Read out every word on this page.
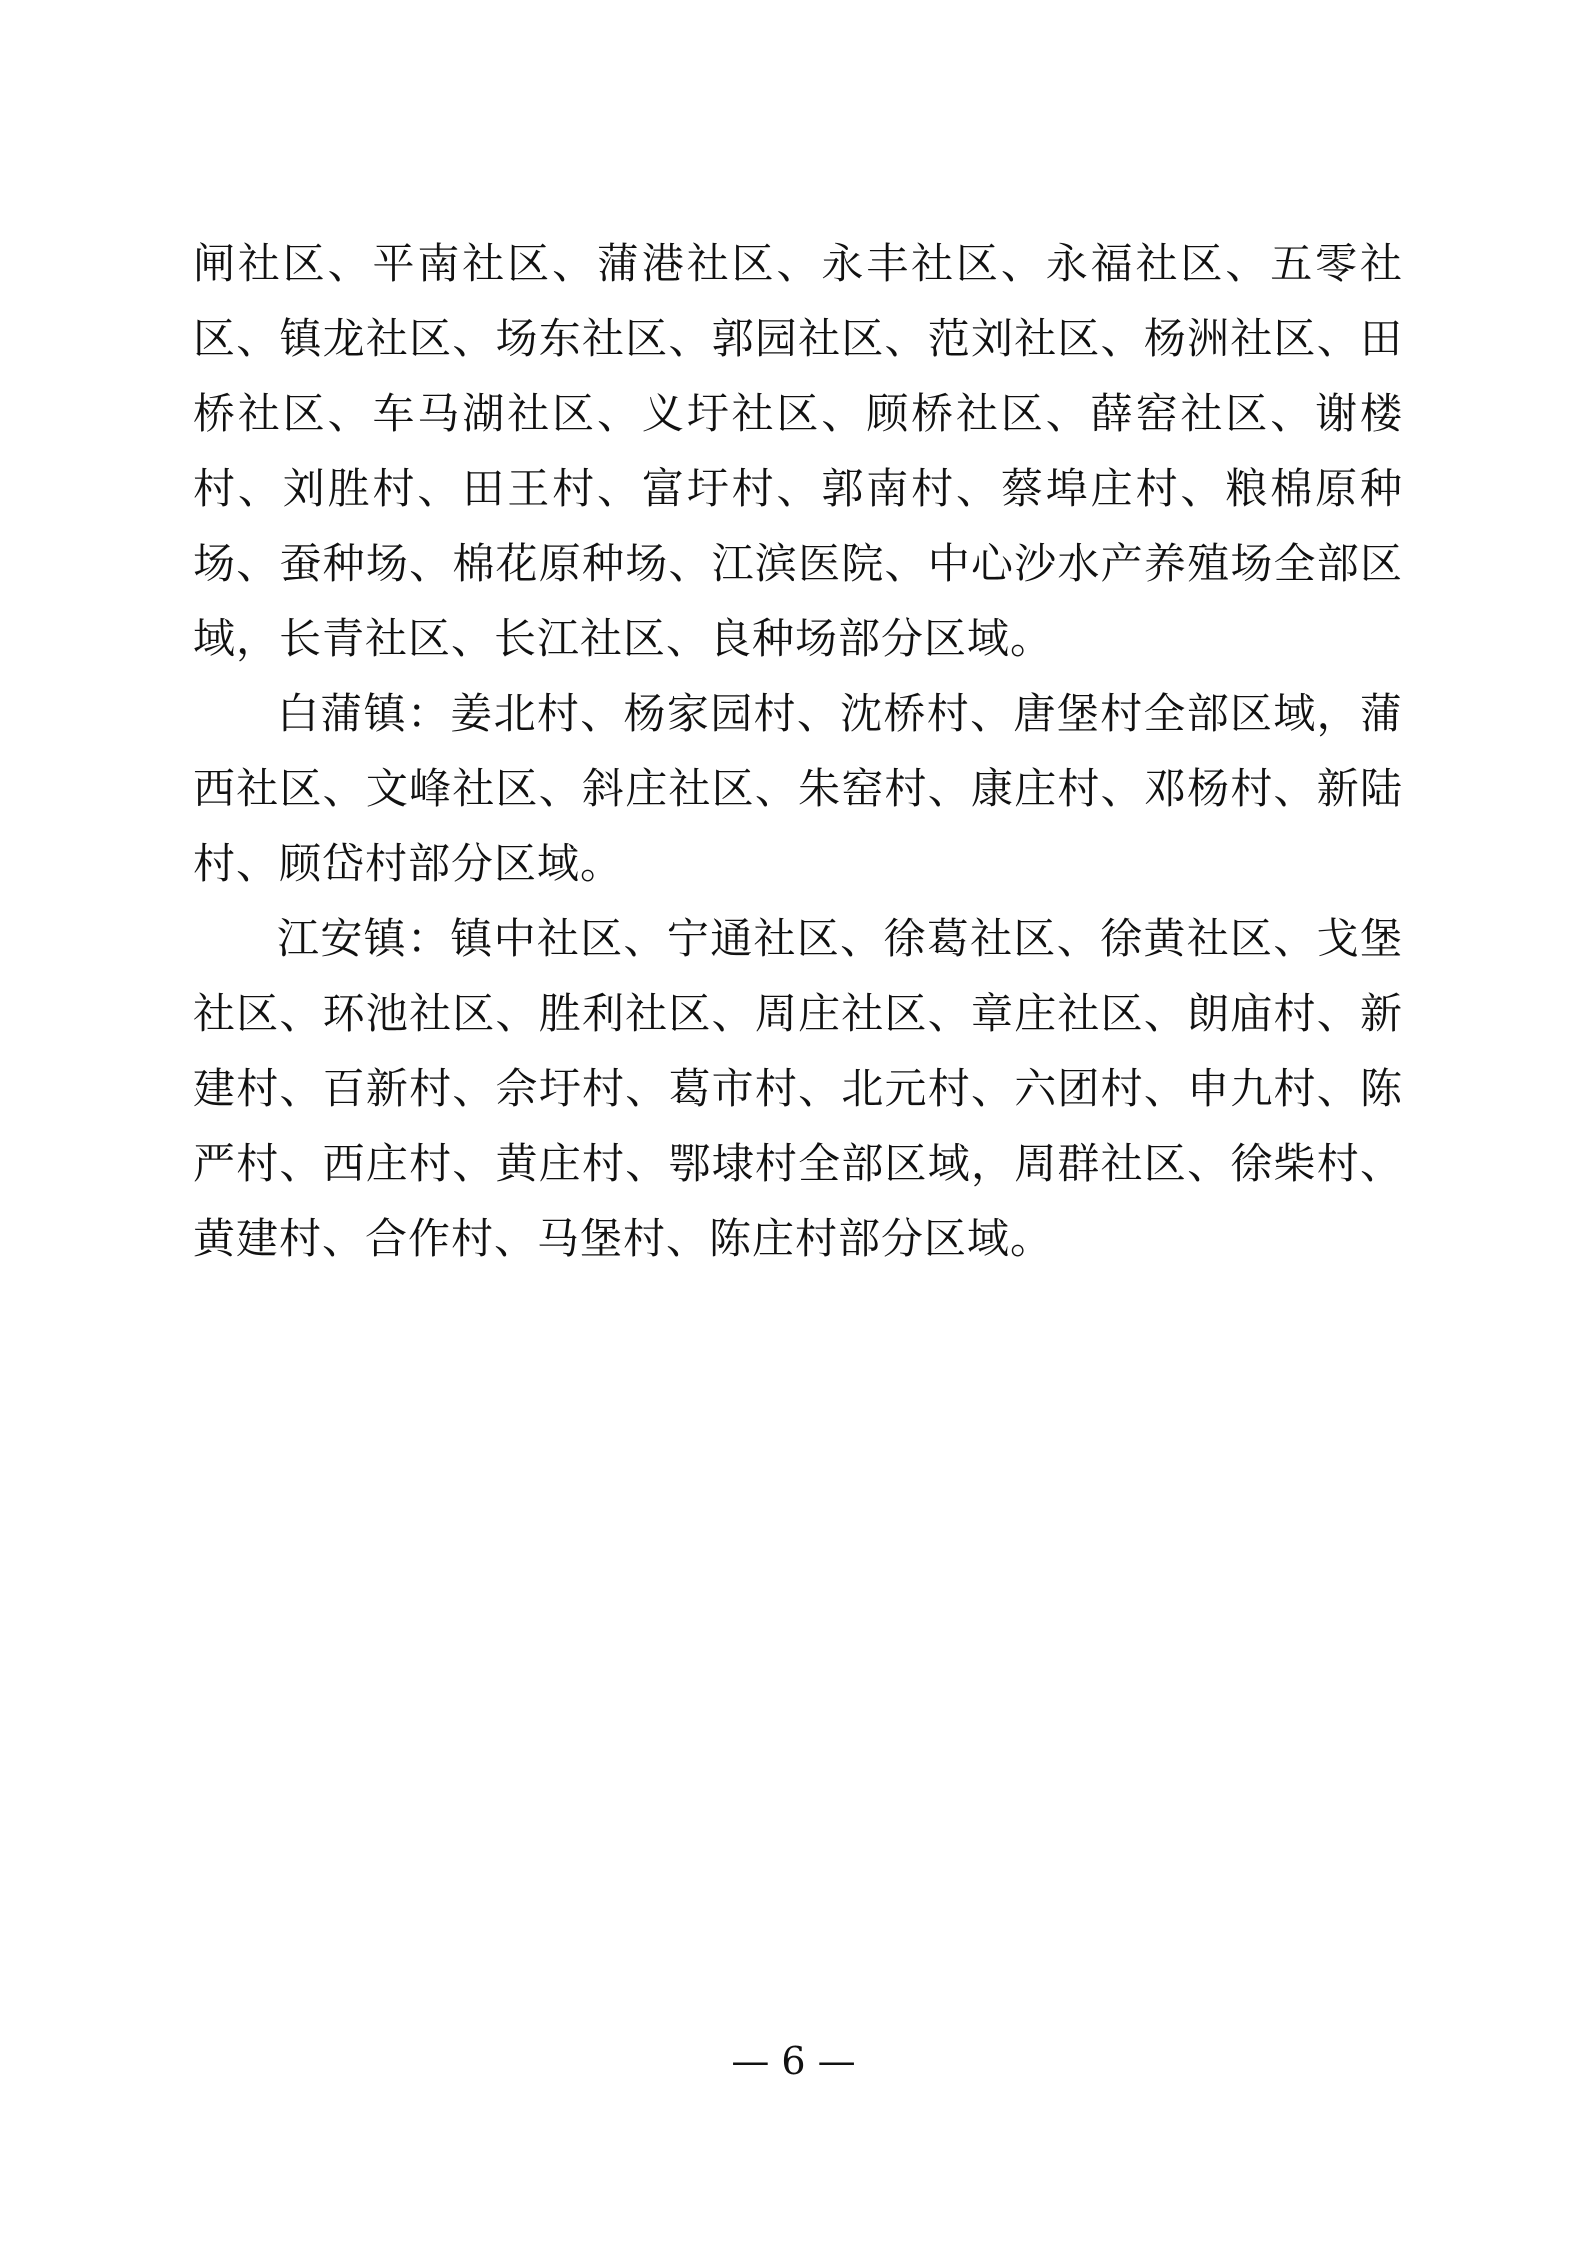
闸社区、平南社区、蒲港社区、永丰社区、永福社区、五零社区、镇龙社区、场东社区、郭园社区、范刘社区、杨洲社区、田桥社区、车马湖社区、义圩社区、顾桥社区、薛窑社区、谢楼村、刘胜村、田王村、富圩村、郭南村、蔡埠庄村、粮棉原种场、蚕种场、棉花原种场、江滨医院、中心沙水产养殖场全部区域，长青社区、长江社区、良种场部分区域。

白蒲镇：姜北村、杨家园村、沈桥村、唐堡村全部区域，蒲西社区、文峰社区、斜庄社区、朱窑村、康庄村、邓杨村、新陆村、顾岱村部分区域。

江安镇：镇中社区、宁通社区、徐葛社区、徐黄社区、戈堡社区、环池社区、胜利社区、周庄社区、章庄社区、朗庙村、新建村、百新村、佘圩村、葛市村、北元村、六团村、申九村、陈严村、西庄村、黄庄村、鄂埭村全部区域，周群社区、徐柴村、黄建村、合作村、马堡村、陈庄村部分区域。

— 6 —
